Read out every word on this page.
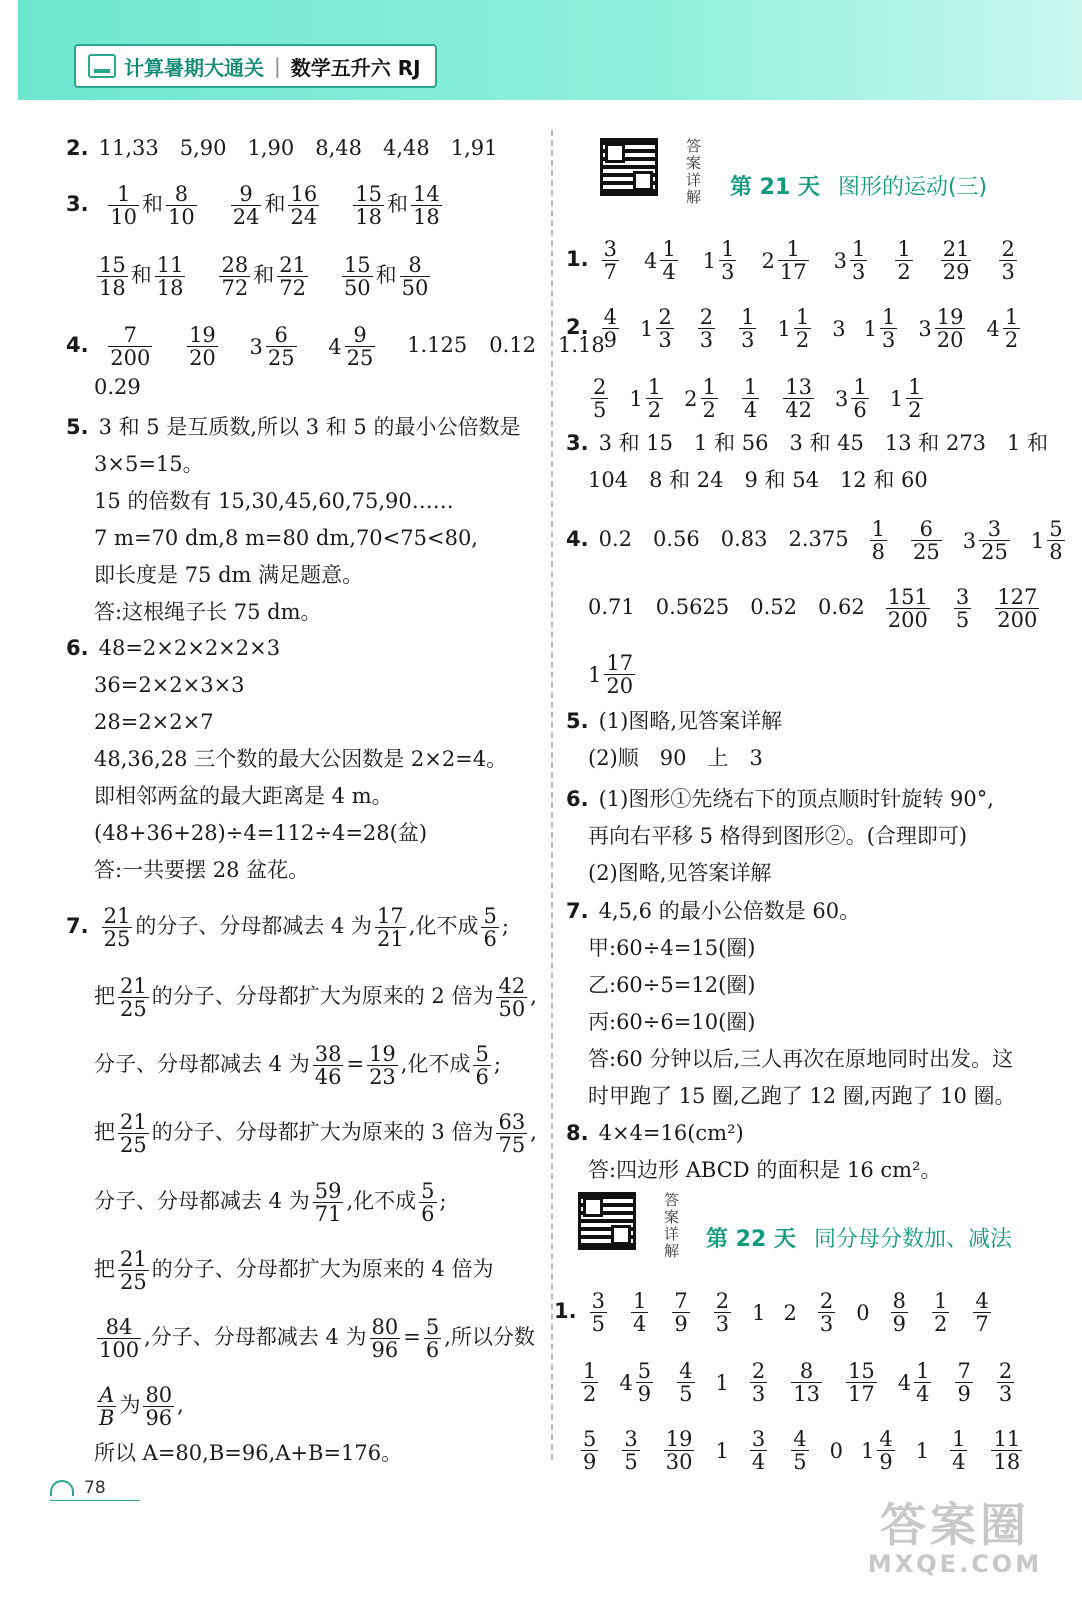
计算暑期大通关 | 数学五升六 RJ
2. 11,33　5,90　1,90　8,48　4,48　1,91
3. $\frac{1}{10}$ 和 $\frac{8}{10} \frac{9}{24}$ 和 $\frac{16}{24} \frac{15}{18}$ 和 $\frac{14}{18}$
$\frac{15}{18}$ 和 $\frac{11}{18} \frac{28}{72}$ 和 $\frac{21}{72} \frac{15}{50}$ 和 $\frac{8}{50}$
4. $\frac{7}{200}$
$\frac{19}{20} 3 \frac{6}{25} 4 \frac{9}{25} 1.125$ 0.12 1.18
0.29
5. 3 和 5 是互质数,所以 3 和 5 的最小公倍数是
3×5=15。
15 的倍数有 15,30,45,60,75,90……
7 m=70 dm,8 m=80 dm,70<75<80,
即长度是 75 dm 满足题意。
答:这根绳子长 75 dm。
6. 48=2×2×2×2×3
36=2×2×3×3
28=2×2×7
48,36,28 三个数的最大公因数是 2×2=4。
即相邻两盆的最大距离是 4 m。
(48+36+28)÷4=112÷4=28(盆)
答:一共要摆 28 盆花。
7. $\frac{21}{25}$ 的分子、分母都减去 4 为 $\frac{17}{21}$ ,化不成 $\frac{5}{6}$ ;
把 $\frac{21}{25}$ 的分子、分母都扩大为原来的 2 倍为 $\frac{42}{50}$ ,
分子、分母都减去 4 为 $\frac{38}{46} = \frac{19}{23}$ ,化不成 $\frac{5}{6}$ ;
把 $\frac{21}{25}$ 的分子、分母都扩大为原来的 3 倍为 $\frac{63}{75}$ ,
分子、分母都减去 4 为 $\frac{59}{71}$ ,化不成 $\frac{5}{6}$ ;
把 $\frac{21}{25}$ 的分子、分母都扩大为原来的 4 倍为
$\frac{84}{100}$ ,分子、分母都减去 4 为 $\frac{80}{96} = \frac{5}{6}$ ,所以分数
$\frac{A}{B}$ 为 $\frac{80}{96}$ ,
所以 A=80,B=96,A+B=176。
答案详解 第 21 天 图形的运动(三)
1. $\frac{3}{7} 4 \frac{1}{4} 1 \frac{1}{3} 2 \frac{1}{17} 3 \frac{1}{3} \frac{1}{2} \frac{21}{29} \frac{2}{3}$
2. $\frac{4}{9} 1 \frac{2}{3} \frac{2}{3} \frac{1}{3} 1 \frac{1}{2} 3$ $1 \frac{1}{3} 3 \frac{19}{20} 4 \frac{1}{2}$
$\frac{2}{5} 1 \frac{1}{2} 2 \frac{1}{2} \frac{1}{4} \frac{13}{42} 3 \frac{1}{6} 1 \frac{1}{2}$
3. 3 和 15　1 和 56　3 和 45　13 和 273　1 和
104　8 和 24　9 和 54　12 和 60
4. 0.2　0.56　0.83　$2.375 \frac{1}{8} \frac{6}{25} 3 \frac{3}{25} 1 \frac{5}{8}$
0.71　0.5625　0.52　$0.62 \frac{151}{200} \frac{3}{5} \frac{127}{200}$
$1 \frac{17}{20}$
5. (1)图略,见答案详解
(2)顺　90　上　3
6. (1)图形①先绕右下的顶点顺时针旋转 90°,
再向右平移 5 格得到图形②。(合理即可)
(2)图略,见答案详解
7. 4,5,6 的最小公倍数是 60。
甲:60÷4=15(圈)
乙:60÷5=12(圈)
丙:60÷6=10(圈)
答:60 分钟以后,三人再次在原地同时出发。这
时甲跑了 15 圈,乙跑了 12 圈,丙跑了 10 圈。
8. 4×4=16(cm²)
答:四边形 ABCD 的面积是 16 cm²。
1. $\frac{3}{5} \frac{1}{4} \frac{7}{9} \frac{2}{3} 1$ $2 \frac{2}{3} 0 \frac{8}{9} \frac{1}{2} \frac{4}{7}$
$\frac{1}{2} 4 \frac{5}{9} \frac{4}{5} 1 \frac{2}{3} \frac{8}{13} \frac{15}{17} 4 \frac{1}{4} \frac{7}{9} \frac{2}{3}$
$\frac{5}{9} \frac{3}{5} \frac{19}{30} 1 \frac{3}{4} \frac{4}{5} 0$ $1 \frac{4}{9} 1 \frac{1}{4} \frac{11}{18}$
答案详解 第 22 天 同分母分数加、减法
78
答案圈
MXQE.COM
